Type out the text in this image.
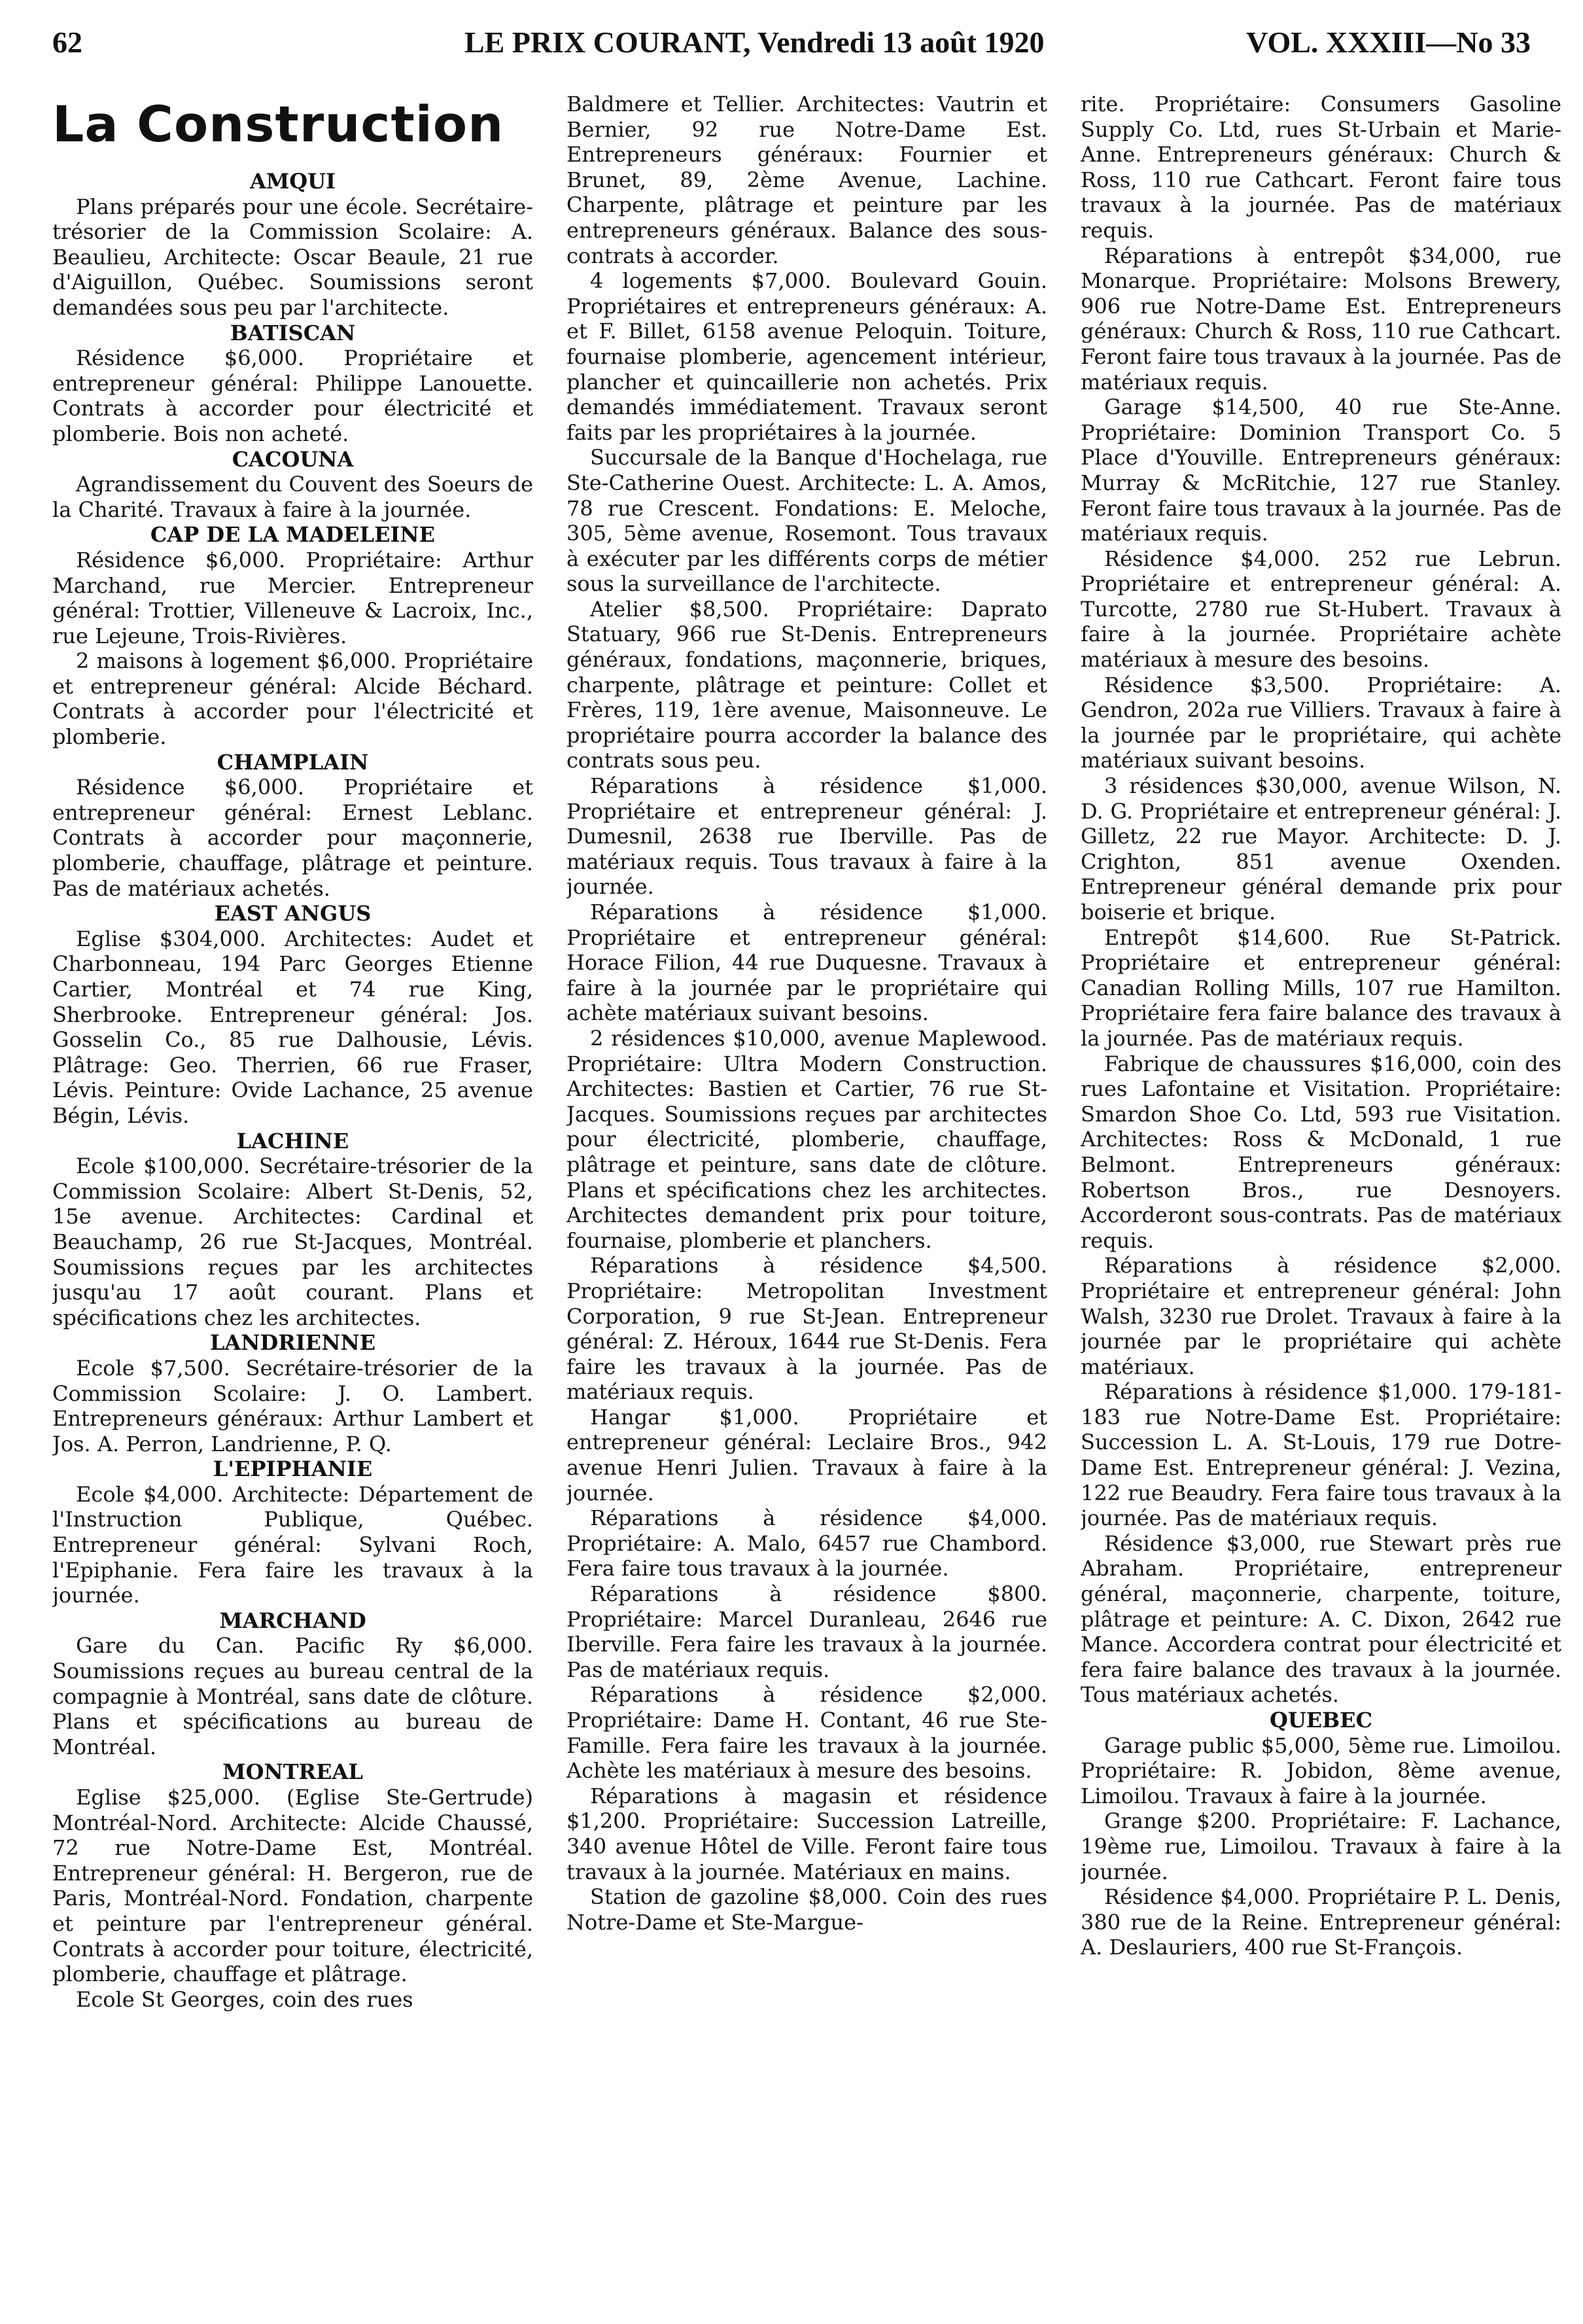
62	LE PRIX COURANT, Vendredi 13 août 1920	VOL. XXXIII—No 33
La Construction

AMQUI

Plans préparés pour une école. Secrétaire-trésorier de la Commission Scolaire: A. Beaulieu, Architecte: Oscar Beaule, 21 rue d'Aiguillon, Québec. Soumissions seront demandées sous peu par l'architecte.

BATISCAN

Résidence $6,000. Propriétaire et entrepreneur général: Philippe Lanouette. Contrats à accorder pour électricité et plomberie. Bois non acheté.

CACOUNA

Agrandissement du Couvent des Soeurs de la Charité. Travaux à faire à la journée.

CAP DE LA MADELEINE

Résidence $6,000. Propriétaire: Arthur Marchand, rue Mercier. Entrepreneur général: Trottier, Villeneuve & Lacroix, Inc., rue Lejeune, Trois-Rivières.

2 maisons à logement $6,000. Propriétaire et entrepreneur général: Alcide Béchard. Contrats à accorder pour l'électricité et plomberie.

CHAMPLAIN

Résidence $6,000. Propriétaire et entrepreneur général: Ernest Leblanc. Contrats à accorder pour maçonnerie, plomberie, chauffage, plâtrage et peinture. Pas de matériaux achetés.

EAST ANGUS

Eglise $304,000. Architectes: Audet et Charbonneau, 194 Parc Georges Etienne Cartier, Montréal et 74 rue King, Sherbrooke. Entrepreneur général: Jos. Gosselin Co., 85 rue Dalhousie, Lévis. Plâtrage: Geo. Therrien, 66 rue Fraser, Lévis. Peinture: Ovide Lachance, 25 avenue Bégin, Lévis.

LACHINE

Ecole $100,000. Secrétaire-trésorier de la Commission Scolaire: Albert St-Denis, 52, 15e avenue. Architectes: Cardinal et Beauchamp, 26 rue St-Jacques, Montréal. Soumissions reçues par les architectes jusqu'au 17 août courant. Plans et spécifications chez les architectes.

LANDRIENNE

Ecole $7,500. Secrétaire-trésorier de la Commission Scolaire: J. O. Lambert. Entrepreneurs généraux: Arthur Lambert et Jos. A. Perron, Landrienne, P. Q.

L'EPIPHANIE

Ecole $4,000. Architecte: Département de l'Instruction Publique, Québec. Entrepreneur général: Sylvani Roch, l'Epiphanie. Fera faire les travaux à la journée.

MARCHAND

Gare du Can. Pacific Ry $6,000. Soumissions reçues au bureau central de la compagnie à Montréal, sans date de clôture. Plans et spécifications au bureau de Montréal.

MONTREAL

Eglise $25,000. (Eglise Ste-Gertrude) Montréal-Nord. Architecte: Alcide Chaussé, 72 rue Notre-Dame Est, Montréal. Entrepreneur général: H. Bergeron, rue de Paris, Montréal-Nord. Fondation, charpente et peinture par l'entrepreneur général. Contrats à accorder pour toiture, électricité, plomberie, chauffage et plâtrage.

Ecole St Georges, coin des rues

Baldmere et Tellier. Architectes: Vautrin et Bernier, 92 rue Notre-Dame Est. Entrepreneurs généraux: Fournier et Brunet, 89, 2ème Avenue, Lachine. Charpente, plâtrage et peinture par les entrepreneurs généraux. Balance des sous-contrats à accorder.

4 logements $7,000. Boulevard Gouin. Propriétaires et entrepreneurs généraux: A. et F. Billet, 6158 avenue Peloquin. Toiture, fournaise plomberie, agencement intérieur, plancher et quincaillerie non achetés. Prix demandés immédiatement. Travaux seront faits par les propriétaires à la journée.

Succursale de la Banque d'Hochelaga, rue Ste-Catherine Ouest. Architecte: L. A. Amos, 78 rue Crescent. Fondations: E. Meloche, 305, 5ème avenue, Rosemont. Tous travaux à exécuter par les différents corps de métier sous la surveillance de l'architecte.

Atelier $8,500. Propriétaire: Daprato Statuary, 966 rue St-Denis. Entrepreneurs généraux, fondations, maçonnerie, briques, charpente, plâtrage et peinture: Collet et Frères, 119, 1ère avenue, Maisonneuve. Le propriétaire pourra accorder la balance des contrats sous peu.

Réparations à résidence $1,000. Propriétaire et entrepreneur général: J. Dumesnil, 2638 rue Iberville. Pas de matériaux requis. Tous travaux à faire à la journée.

Réparations à résidence $1,000. Propriétaire et entrepreneur général: Horace Filion, 44 rue Duquesne. Travaux à faire à la journée par le propriétaire qui achète matériaux suivant besoins.

2 résidences $10,000, avenue Maplewood. Propriétaire: Ultra Modern Construction. Architectes: Bastien et Cartier, 76 rue St-Jacques. Soumissions reçues par architectes pour électricité, plomberie, chauffage, plâtrage et peinture, sans date de clôture. Plans et spécifications chez les architectes. Architectes demandent prix pour toiture, fournaise, plomberie et planchers.

Réparations à résidence $4,500. Propriétaire: Metropolitan Investment Corporation, 9 rue St-Jean. Entrepreneur général: Z. Héroux, 1644 rue St-Denis. Fera faire les travaux à la journée. Pas de matériaux requis.

Hangar $1,000. Propriétaire et entrepreneur général: Leclaire Bros., 942 avenue Henri Julien. Travaux à faire à la journée.

Réparations à résidence $4,000. Propriétaire: A. Malo, 6457 rue Chambord. Fera faire tous travaux à la journée.

Réparations à résidence $800. Propriétaire: Marcel Duranleau, 2646 rue Iberville. Fera faire les travaux à la journée. Pas de matériaux requis.

Réparations à résidence $2,000. Propriétaire: Dame H. Contant, 46 rue Ste-Famille. Fera faire les travaux à la journée. Achète les matériaux à mesure des besoins.

Réparations à magasin et résidence $1,200. Propriétaire: Succession Latreille, 340 avenue Hôtel de Ville. Feront faire tous travaux à la journée. Matériaux en mains.

Station de gazoline $8,000. Coin des rues Notre-Dame et Ste-Margue-

rite. Propriétaire: Consumers Gasoline Supply Co. Ltd, rues St-Urbain et Marie-Anne. Entrepreneurs généraux: Church & Ross, 110 rue Cathcart. Feront faire tous travaux à la journée. Pas de matériaux requis.

Réparations à entrepôt $34,000, rue Monarque. Propriétaire: Molsons Brewery, 906 rue Notre-Dame Est. Entrepreneurs généraux: Church & Ross, 110 rue Cathcart. Feront faire tous travaux à la journée. Pas de matériaux requis.

Garage $14,500, 40 rue Ste-Anne. Propriétaire: Dominion Transport Co. 5 Place d'Youville. Entrepreneurs généraux: Murray & McRitchie, 127 rue Stanley. Feront faire tous travaux à la journée. Pas de matériaux requis.

Résidence $4,000. 252 rue Lebrun. Propriétaire et entrepreneur général: A. Turcotte, 2780 rue St-Hubert. Travaux à faire à la journée. Propriétaire achète matériaux à mesure des besoins.

Résidence $3,500. Propriétaire: A. Gendron, 202a rue Villiers. Travaux à faire à la journée par le propriétaire, qui achète matériaux suivant besoins.

3 résidences $30,000, avenue Wilson, N. D. G. Propriétaire et entrepreneur général: J. Gilletz, 22 rue Mayor. Architecte: D. J. Crighton, 851 avenue Oxenden. Entrepreneur général demande prix pour boiserie et brique.

Entrepôt $14,600. Rue St-Patrick. Propriétaire et entrepreneur général: Canadian Rolling Mills, 107 rue Hamilton. Propriétaire fera faire balance des travaux à la journée. Pas de matériaux requis.

Fabrique de chaussures $16,000, coin des rues Lafontaine et Visitation. Propriétaire: Smardon Shoe Co. Ltd, 593 rue Visitation. Architectes: Ross & McDonald, 1 rue Belmont. Entrepreneurs généraux: Robertson Bros., rue Desnoyers. Accorderont sous-contrats. Pas de matériaux requis.

Réparations à résidence $2,000. Propriétaire et entrepreneur général: John Walsh, 3230 rue Drolet. Travaux à faire à la journée par le propriétaire qui achète matériaux.

Réparations à résidence $1,000. 179-181-183 rue Notre-Dame Est. Propriétaire: Succession L. A. St-Louis, 179 rue Dotre-Dame Est. Entrepreneur général: J. Vezina, 122 rue Beaudry. Fera faire tous travaux à la journée. Pas de matériaux requis.

Résidence $3,000, rue Stewart près rue Abraham. Propriétaire, entrepreneur général, maçonnerie, charpente, toiture, plâtrage et peinture: A. C. Dixon, 2642 rue Mance. Accordera contrat pour électricité et fera faire balance des travaux à la journée. Tous matériaux achetés.

QUEBEC

Garage public $5,000, 5ème rue. Limoilou. Propriétaire: R. Jobidon, 8ème avenue, Limoilou. Travaux à faire à la journée.

Grange $200. Propriétaire: F. Lachance, 19ème rue, Limoilou. Travaux à faire à la journée.

Résidence $4,000. Propriétaire P. L. Denis, 380 rue de la Reine. Entrepreneur général: A. Deslauriers, 400 rue St-François.
